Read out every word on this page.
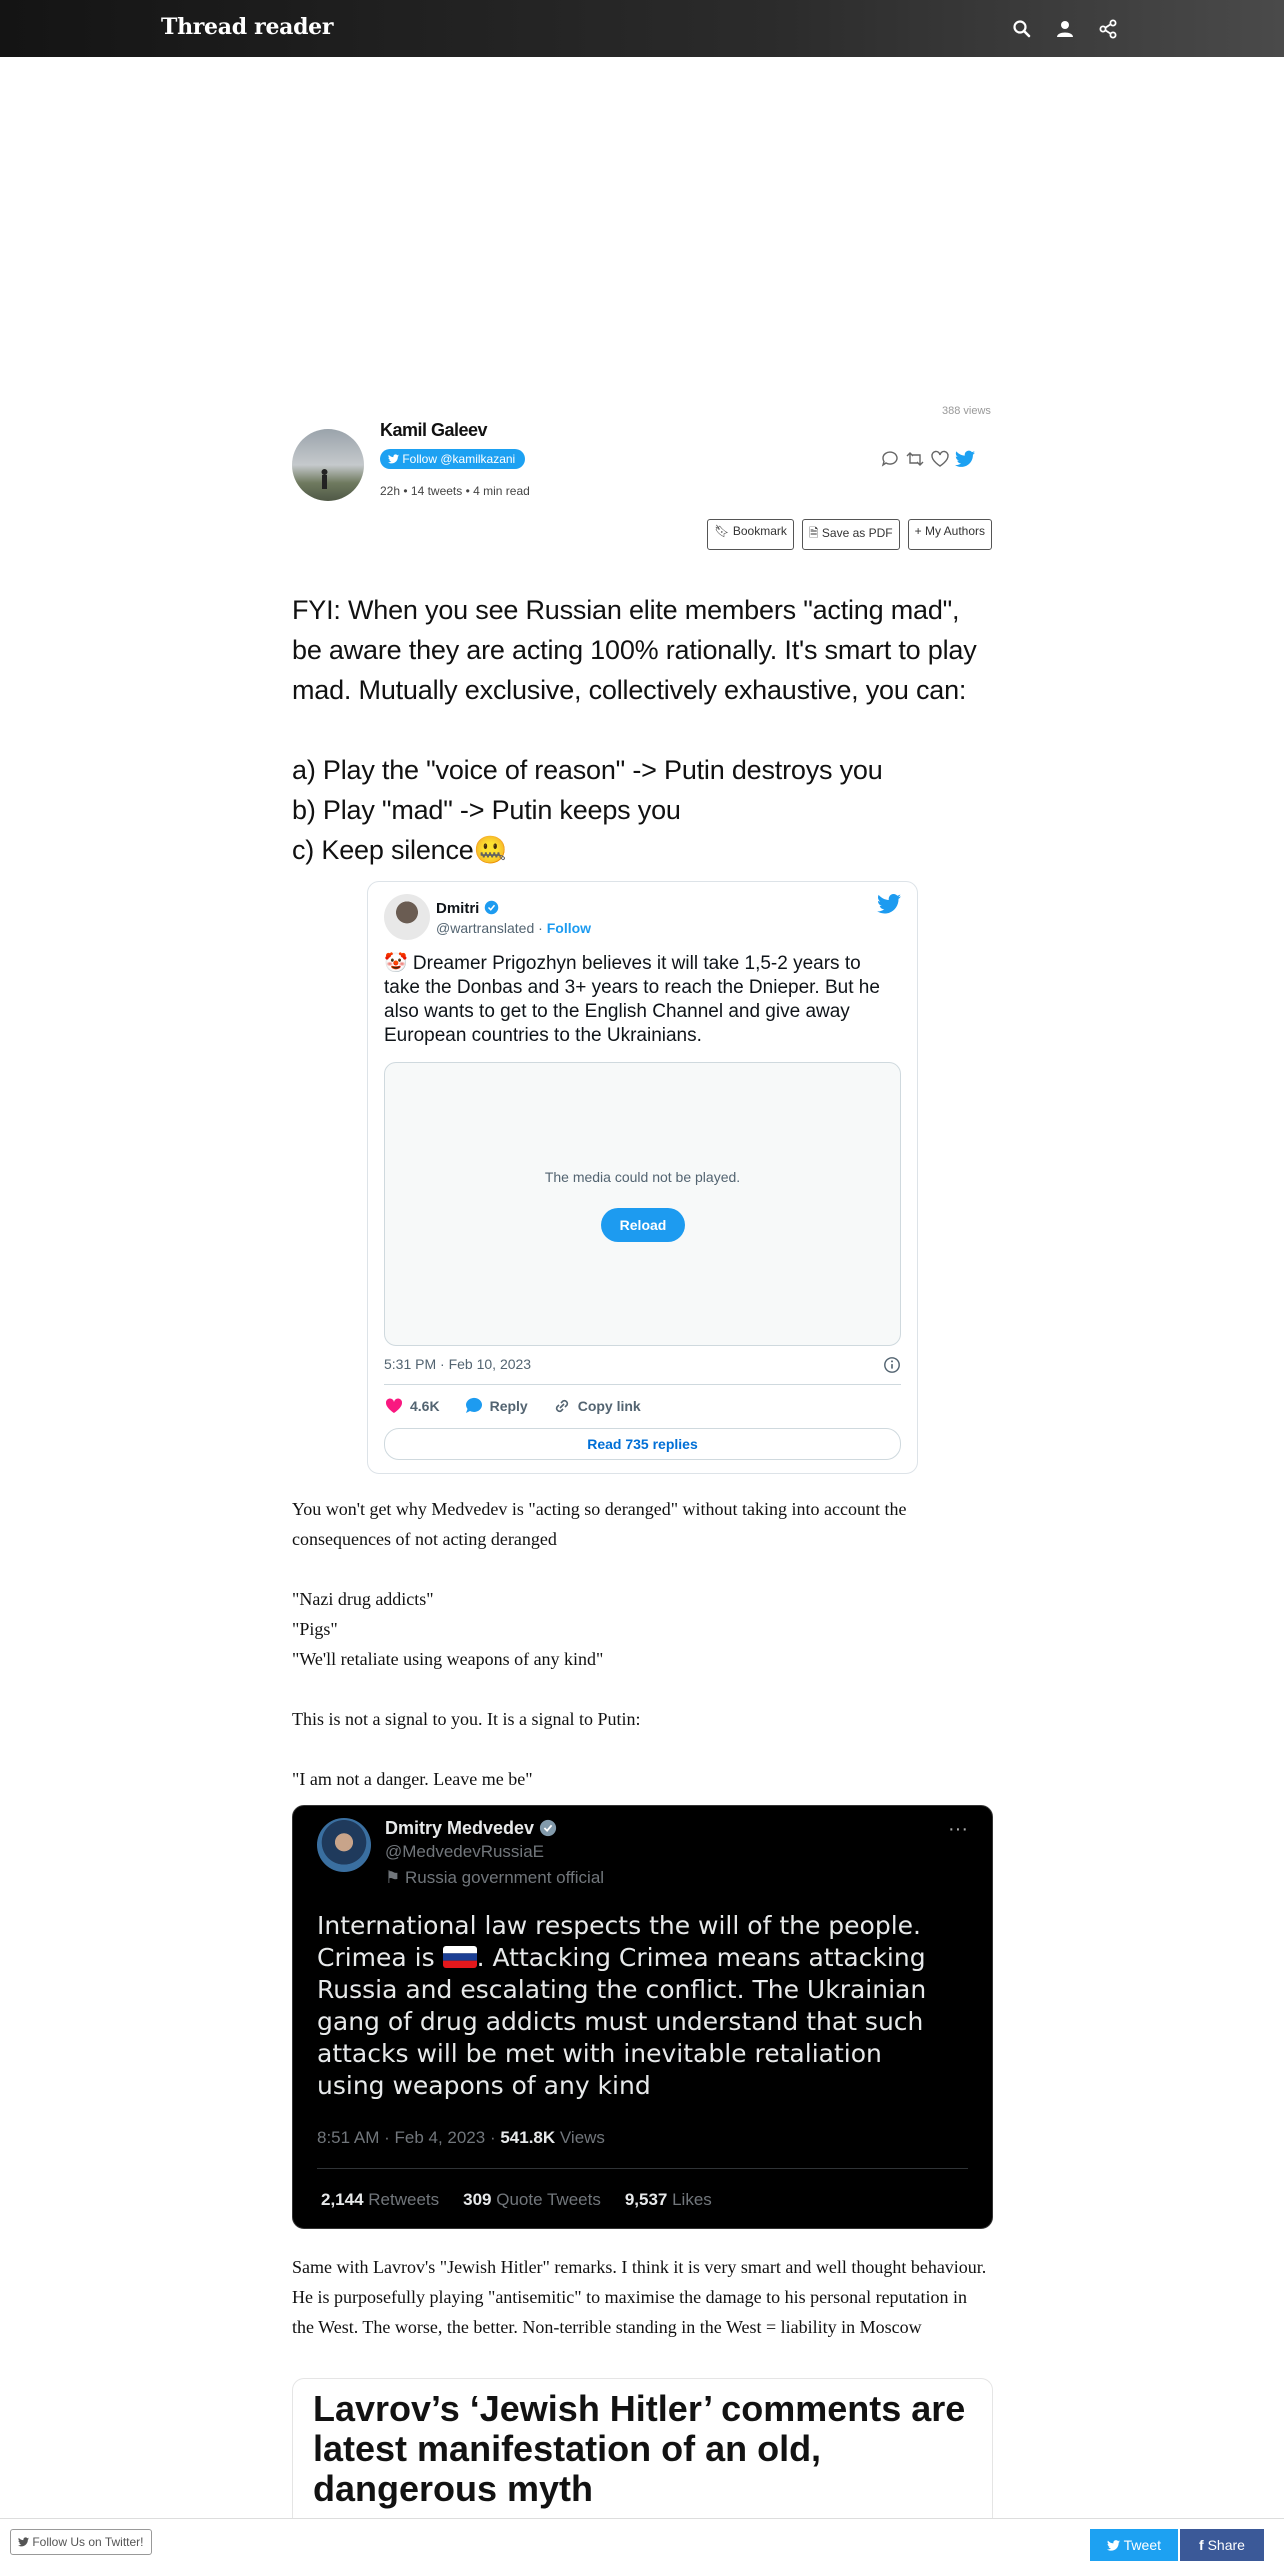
Thread reader
388 views
Kamil Galeev
Follow @kamilkazani
22h • 14 tweets • 4 min read
🔖︎ Bookmark	🗎 Save as PDF	+ My Authors

FYI: When you see Russian elite members "acting mad", be aware they are acting 100% rationally. It's smart to play mad. Mutually exclusive, collectively exhaustive, you can:

a) Play the "voice of reason" -> Putin destroys you

b) Play "mad" -> Putin keeps you

c) Keep silence🤐

Dmitri
@wartranslated · Follow
🤡 Dreamer Prigozhyn believes it will take 1,5-2 years to take the Donbas and 3+ years to reach the Dnieper. But he also wants to get to the English Channel and give away European countries to the Ukrainians.
The media could not be played.
Reload
5:31 PM · Feb 10, 2023
4.6K	Reply	Copy link
Read 735 replies

You won't get why Medvedev is "acting so deranged" without taking into account the consequences of not acting deranged

"Nazi drug addicts"

"Pigs"

"We'll retaliate using weapons of any kind"

This is not a signal to you. It is a signal to Putin:

"I am not a danger. Leave me be"

Dmitry Medvedev
@MedvedevRussiaE
⚑ Russia government official
···
International law respects the will of the people. Crimea is . Attacking Crimea means attacking Russia and escalating the conflict. The Ukrainian gang of drug addicts must understand that such attacks will be met with inevitable retaliation using weapons of any kind
8:51 AM · Feb 4, 2023 · 541.8K Views
2,144 Retweets 309 Quote Tweets 9,537 Likes

Same with Lavrov's "Jewish Hitler" remarks. I think it is very smart and well thought behaviour. He is purposefully playing "antisemitic" to maximise the damage to his personal reputation in the West. The worse, the better. Non-terrible standing in the West = liability in Moscow

Lavrov’s ‘Jewish Hitler’ comments are latest manifestation of an old, dangerous myth
Follow Us on Twitter!	Tweet	f Share
